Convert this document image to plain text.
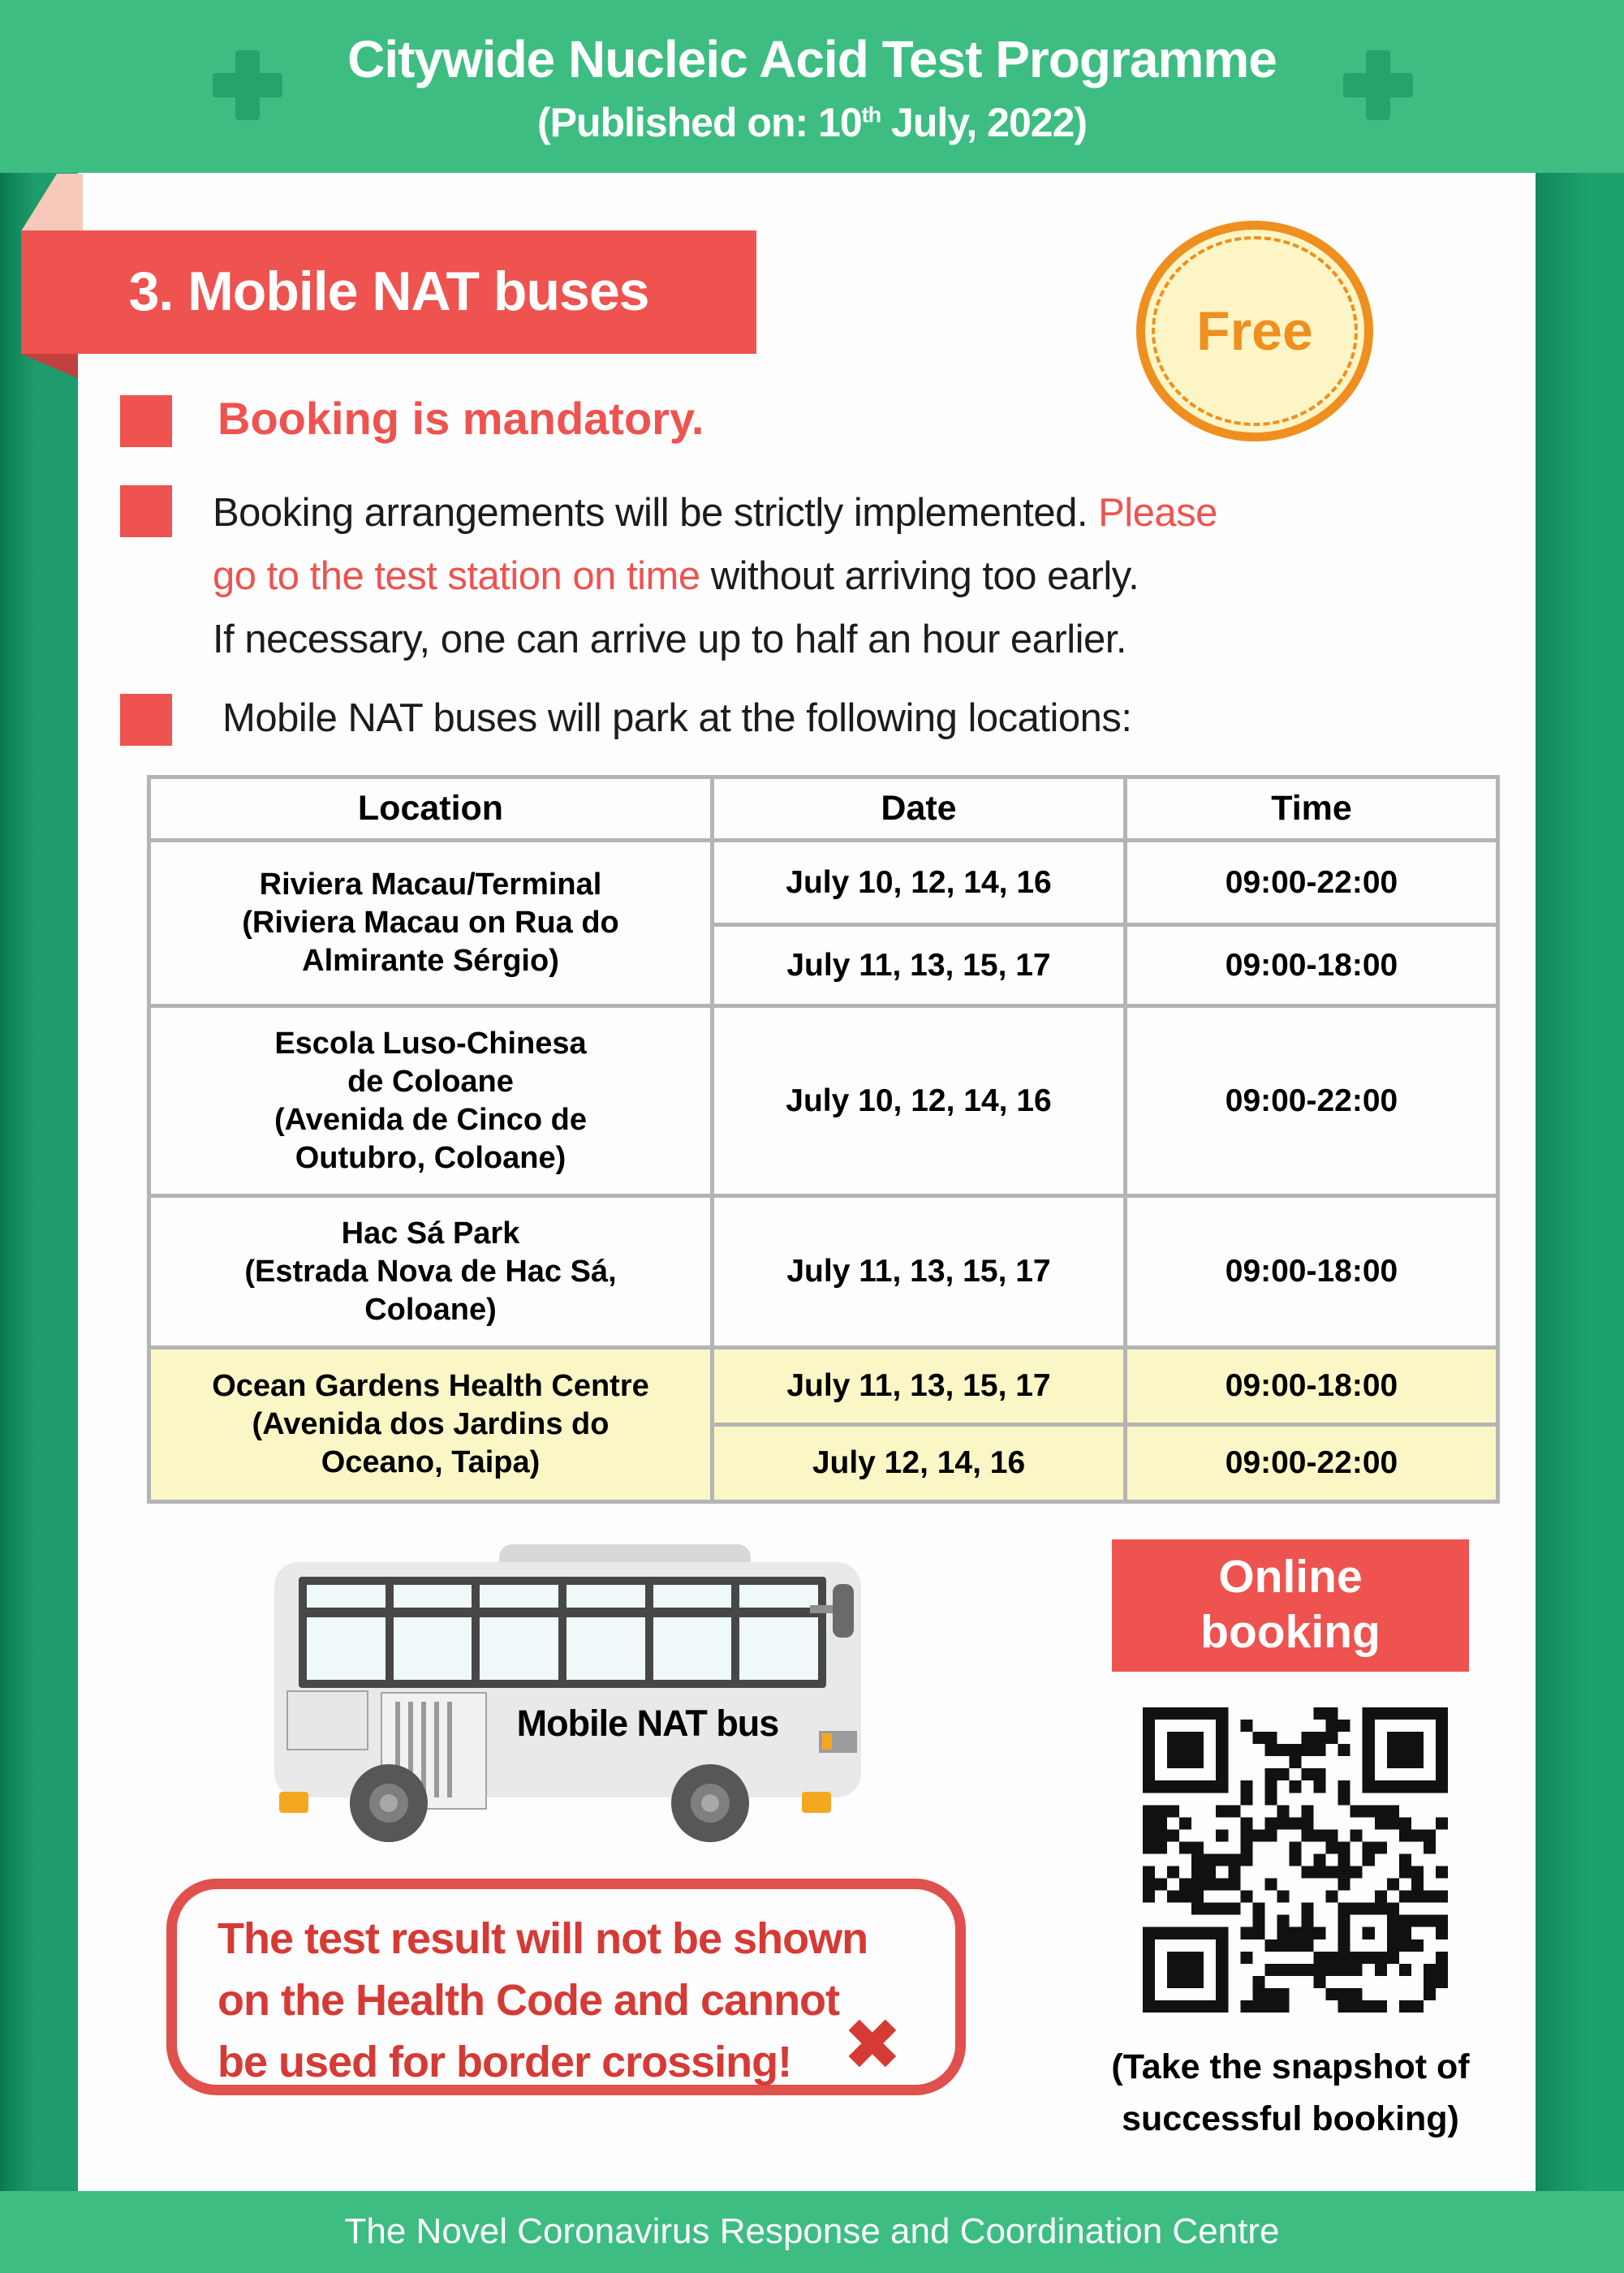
Citywide Nucleic Acid Test Programme
(Published on: 10th July, 2022)
3. Mobile NAT buses
Free
Booking is mandatory.
Booking arrangements will be strictly implemented. Please
go to the test station on time without arriving too early.
If necessary, one can arrive up to half an hour earlier.
Mobile NAT buses will park at the following locations:
Location	Date	Time
Riviera Macau/Terminal
(Riviera Macau on Rua do
Almirante Sérgio)	July 10, 12, 14, 16	09:00-22:00
	July 11, 13, 15, 17	09:00-18:00
Escola Luso-Chinesa
de Coloane
(Avenida de Cinco de
Outubro, Coloane)	July 10, 12, 14, 16	09:00-22:00
Hac Sá Park
(Estrada Nova de Hac Sá,
Coloane)	July 11, 13, 15, 17	09:00-18:00
Ocean Gardens Health Centre
(Avenida dos Jardins do
Oceano, Taipa)	July 11, 13, 15, 17	09:00-18:00
	July 12, 14, 16	09:00-22:00
Mobile NAT bus
Online
booking
(Take the snapshot of
successful booking)
The test result will not be shown
on the Health Code and cannot
be used for border crossing! ✖
The Novel Coronavirus Response and Coordination Centre
